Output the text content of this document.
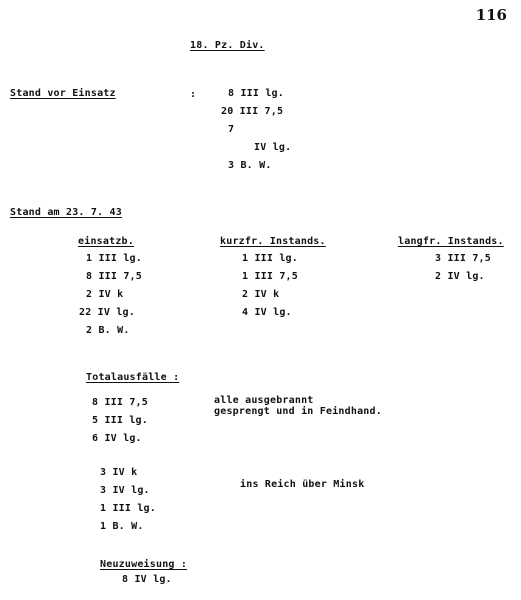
116
18. Pz. Div.
Stand vor Einsatz	:	8 III lg.
20 III 7,5
7
IV lg.
3 B. W.
Stand am 23. 7. 43
einsatzb.
1 III lg.
8 III 7,5
2 IV k
22 IV lg.
2 B. W.
kurzfr. Instands.
1 III lg.
1 III 7,5
2 IV k
4 IV lg.
langfr. Instands.
3 III 7,5
2 IV lg.
Totalausfälle :
8 III 7,5
5 III lg.
6 IV lg.
alle ausgebrannt
gesprengt und in Feindhand.
3 IV k
3 IV lg.
1 III lg.
1 B. W.
ins Reich über Minsk
Neuzuweisung :
8 IV lg.
